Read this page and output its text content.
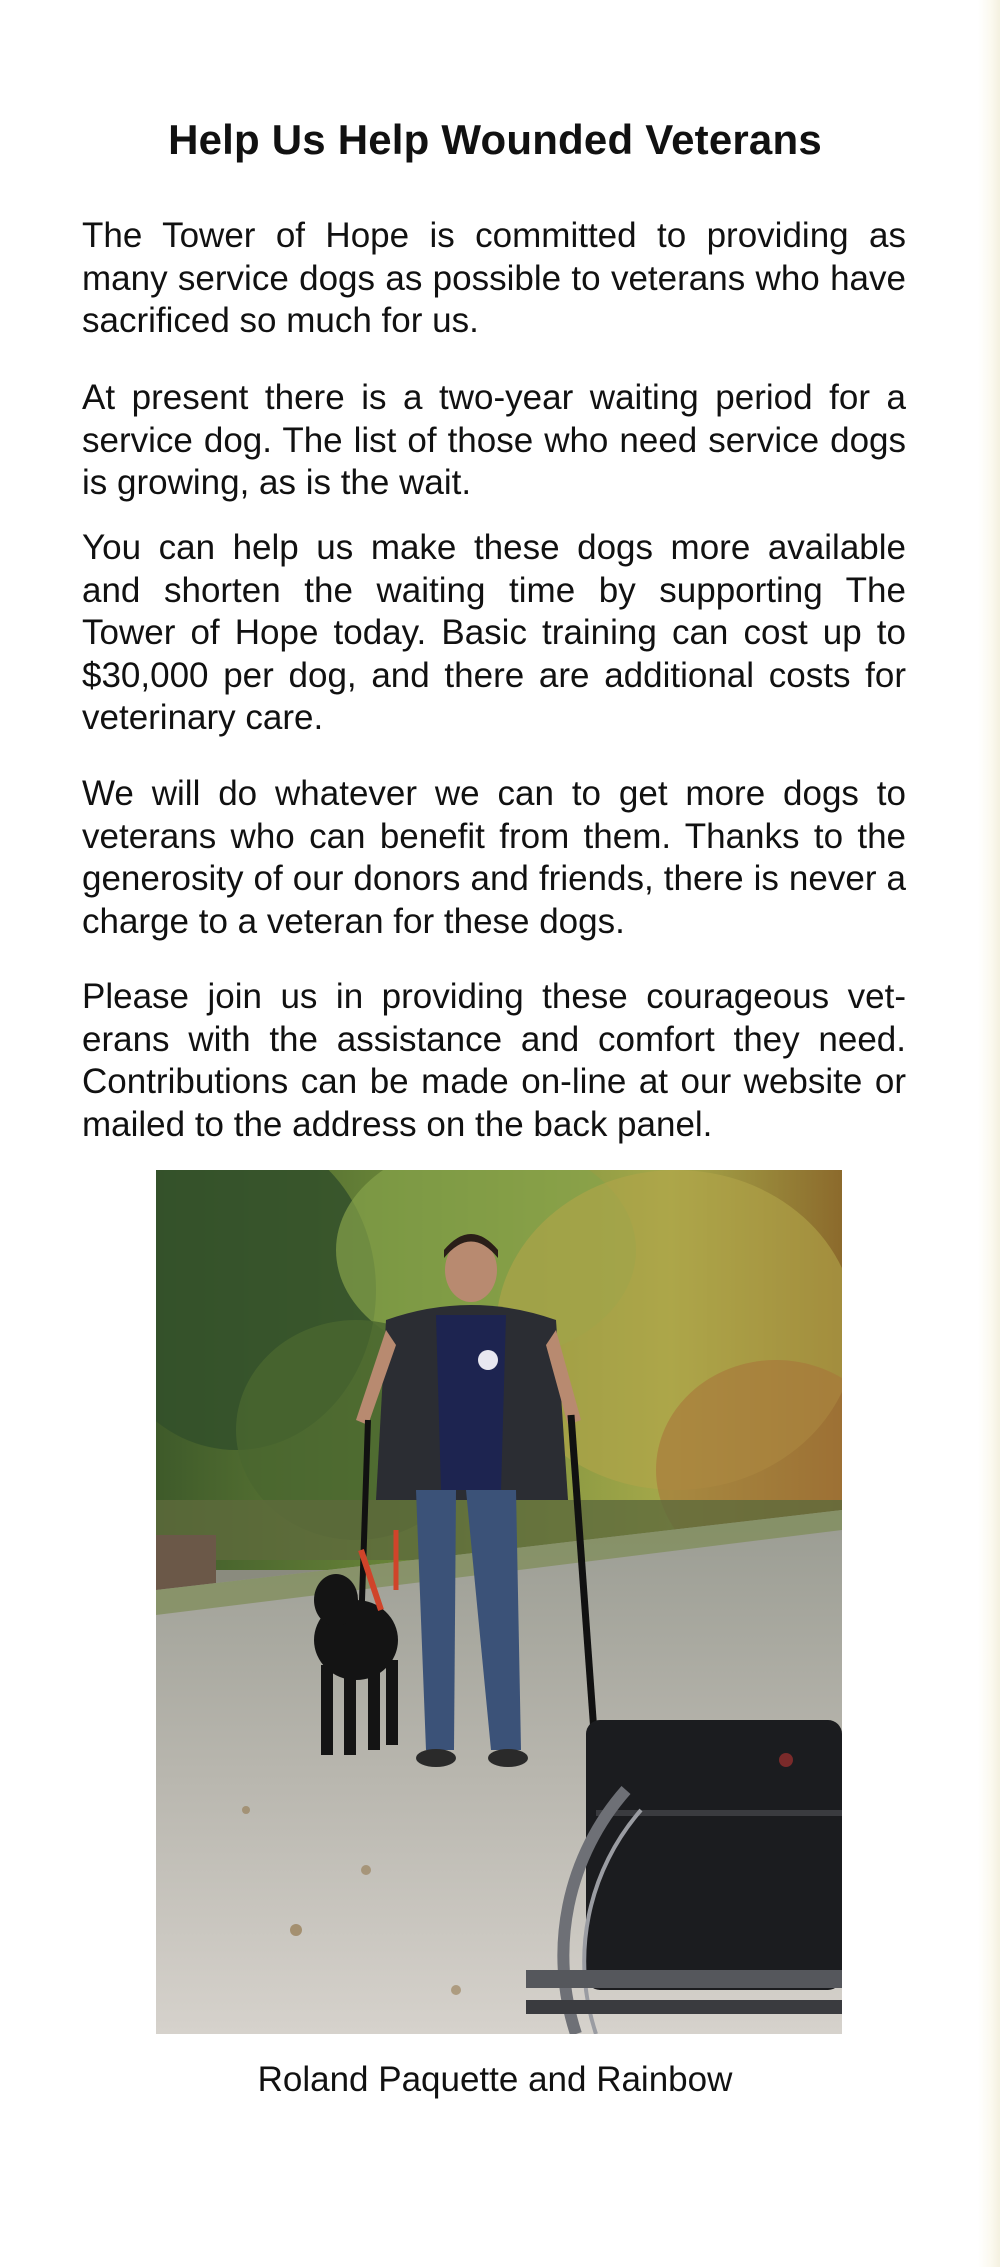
Help Us Help Wounded Veterans

The Tower of Hope is committed to providing as many service dogs as possible to veterans who have sacrificed so much for us.

At present there is a two-year waiting period for a service dog. The list of those who need service dogs is growing, as is the wait.

You can help us make these dogs more available and shorten the waiting time by supporting The Tower of Hope today. Basic training can cost up to $30,000 per dog, and there are additional costs for veterinary care.

We will do whatever we can to get more dogs to veterans who can benefit from them. Thanks to the generosity of our donors and friends, there is never a charge to a veteran for these dogs.

Please join us in providing these courageous vet-erans with the assistance and comfort they need. Contributions can be made on-line at our website or mailed to the address on the back panel.

Roland Paquette and Rainbow
